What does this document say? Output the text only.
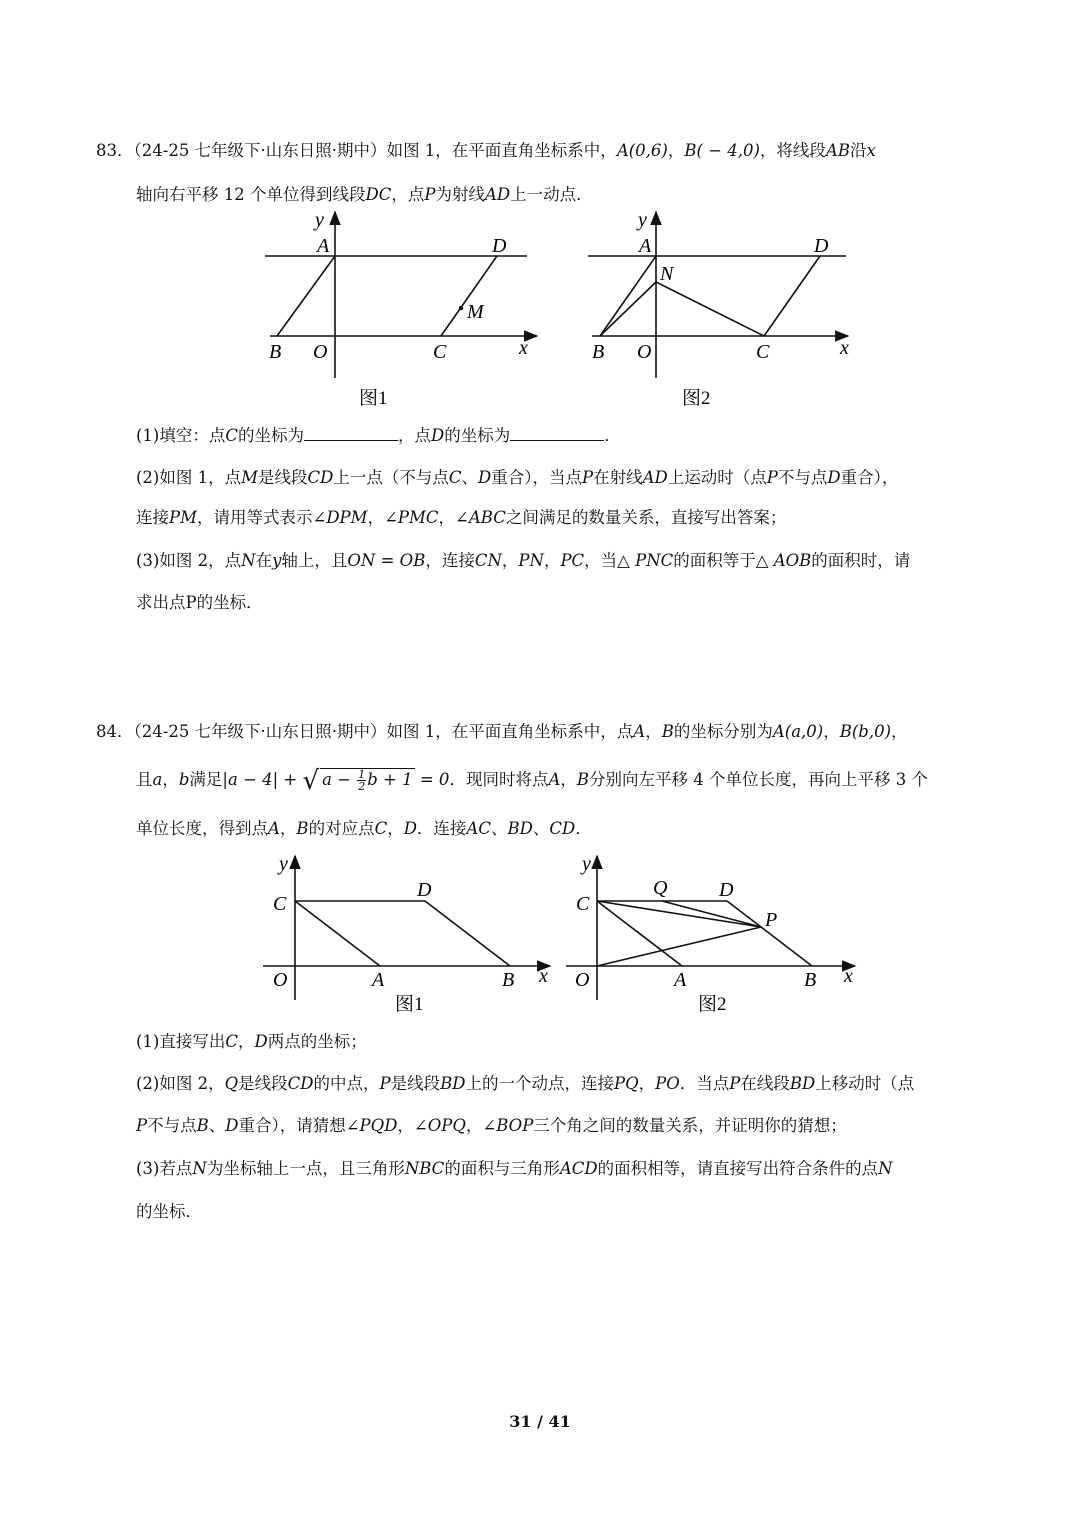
83．（24-25 七年级下·山东日照·期中）如图 1，在平面直角坐标系中，A(0,6)，B( − 4,0)，将线段AB沿x
轴向右平移 12 个单位得到线段DC，点P为射线AD上一动点．
y
A	D
M
B O	C	x
图1
y
A	D
N
B O	C	x
图2
(1)填空：点C的坐标为	，点D的坐标为	．
(2)如图 1，点M是线段CD上一点（不与点C、D重合），当点P在射线AD上运动时（点P不与点D重合），
连接PM，请用等式表示∠DPM，∠PMC，∠ABC之间满足的数量关系，直接写出答案；
(3)如图 2，点N在y轴上，且ON = OB，连接CN，PN，PC，当△ PNC的面积等于△ AOB的面积时，请
求出点P的坐标．
84．（24-25 七年级下·山东日照·期中）如图 1，在平面直角坐标系中，点A，B的坐标分别为A(a,0)，B(b,0)，
且a，b满足|a − 4| + √ $a - \frac{1}{2}$ b + 1 = 0．现同时将点A，B分别向左平移 4 个单位长度，再向上平移 3 个
单位长度，得到点A，B的对应点C，D．连接AC、BD、CD．
y
C
D
O	A	B x
图1
y
Q	D
C
P
O	A	B x
图2
(1)直接写出C，D两点的坐标；
(2)如图 2，Q是线段CD的中点，P是线段BD上的一个动点，连接PQ，PO．当点P在线段BD上移动时（点
P不与点B、D重合），请猜想∠PQD，∠OPQ，∠BOP三个角之间的数量关系，并证明你的猜想；
(3)若点N为坐标轴上一点，且三角形NBC的面积与三角形ACD的面积相等，请直接写出符合条件的点N
的坐标．
31 / 41
